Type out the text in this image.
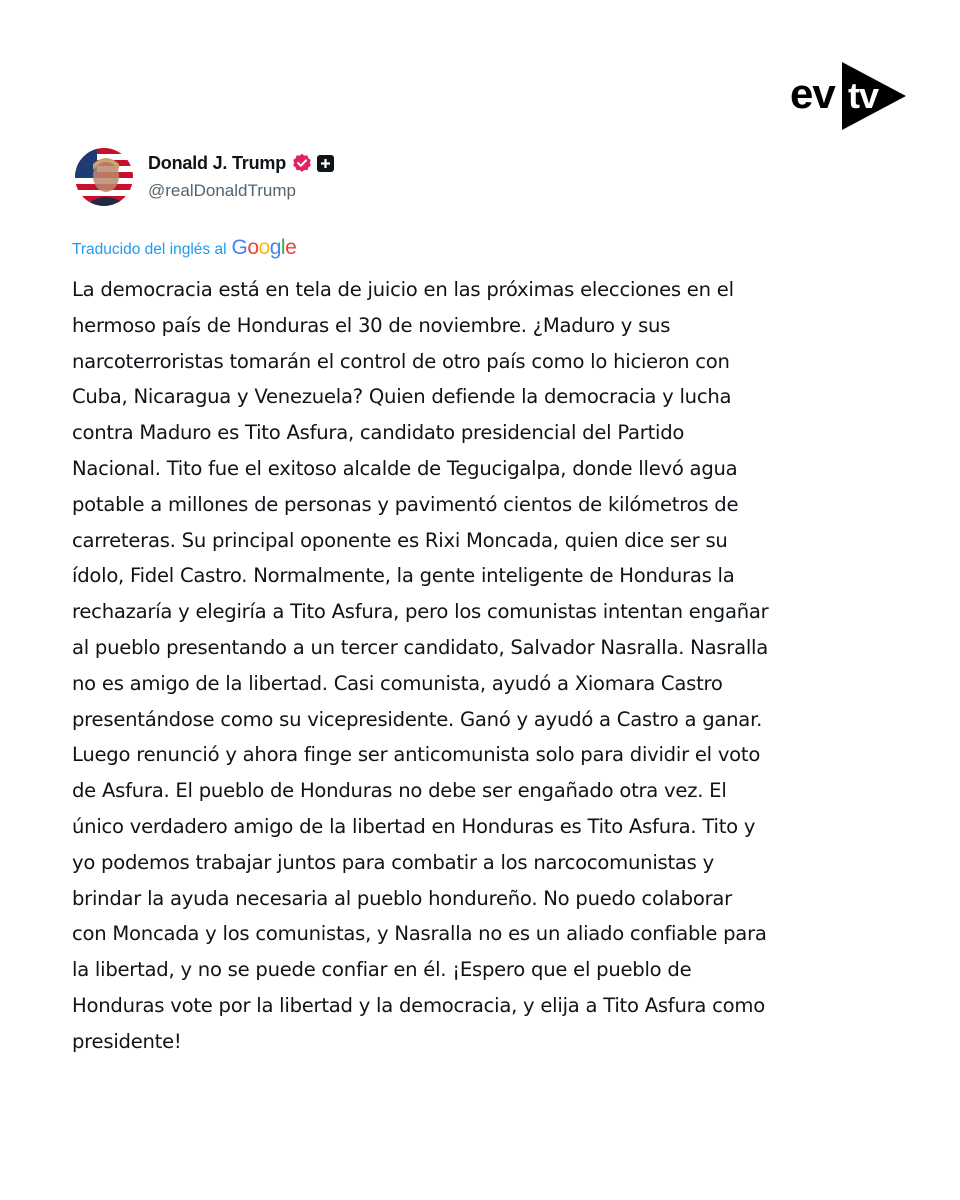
ev tv
Donald J. Trump
@realDonaldTrump
Traducido del inglés al Google
La democracia está en tela de juicio en las próximas elecciones en el
hermoso país de Honduras el 30 de noviembre. ¿Maduro y sus
narcoterroristas tomarán el control de otro país como lo hicieron con
Cuba, Nicaragua y Venezuela? Quien defiende la democracia y lucha
contra Maduro es Tito Asfura, candidato presidencial del Partido
Nacional. Tito fue el exitoso alcalde de Tegucigalpa, donde llevó agua
potable a millones de personas y pavimentó cientos de kilómetros de
carreteras. Su principal oponente es Rixi Moncada, quien dice ser su
ídolo, Fidel Castro. Normalmente, la gente inteligente de Honduras la
rechazaría y elegiría a Tito Asfura, pero los comunistas intentan engañar
al pueblo presentando a un tercer candidato, Salvador Nasralla. Nasralla
no es amigo de la libertad. Casi comunista, ayudó a Xiomara Castro
presentándose como su vicepresidente. Ganó y ayudó a Castro a ganar.
Luego renunció y ahora finge ser anticomunista solo para dividir el voto
de Asfura. El pueblo de Honduras no debe ser engañado otra vez. El
único verdadero amigo de la libertad en Honduras es Tito Asfura. Tito y
yo podemos trabajar juntos para combatir a los narcocomunistas y
brindar la ayuda necesaria al pueblo hondureño. No puedo colaborar
con Moncada y los comunistas, y Nasralla no es un aliado confiable para
la libertad, y no se puede confiar en él. ¡Espero que el pueblo de
Honduras vote por la libertad y la democracia, y elija a Tito Asfura como
presidente!
